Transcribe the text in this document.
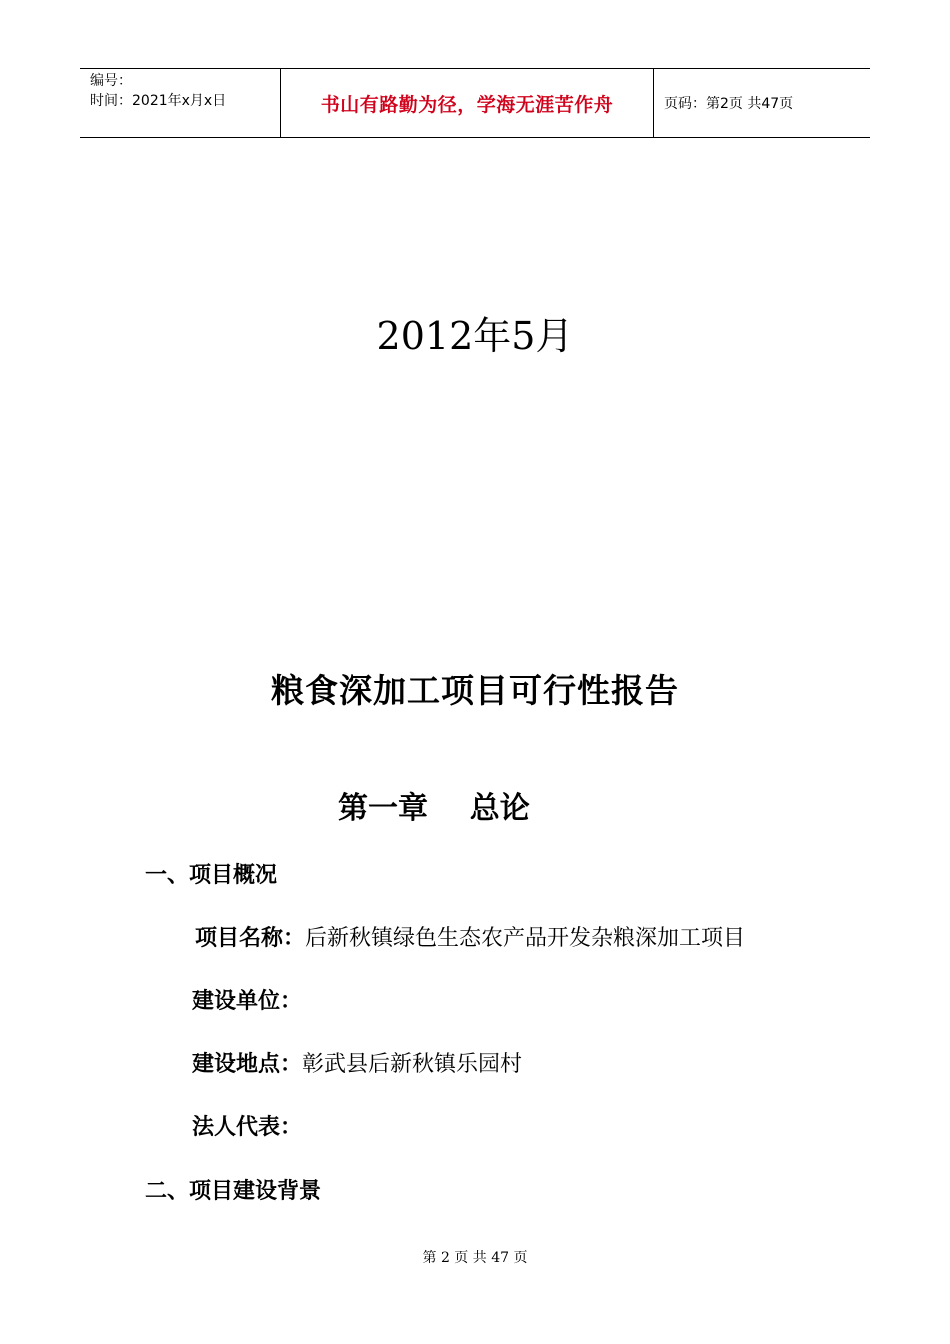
编号：
时间：2021年x月x日	书山有路勤为径，学海无涯苦作舟	页码：第2页 共47页
2012年5月
粮食深加工项目可行性报告
第一章    总论
一、项目概况
项目名称：后新秋镇绿色生态农产品开发杂粮深加工项目
建设单位：
建设地点：彰武县后新秋镇乐园村
法人代表：
二、项目建设背景
第 2 页 共 47 页
